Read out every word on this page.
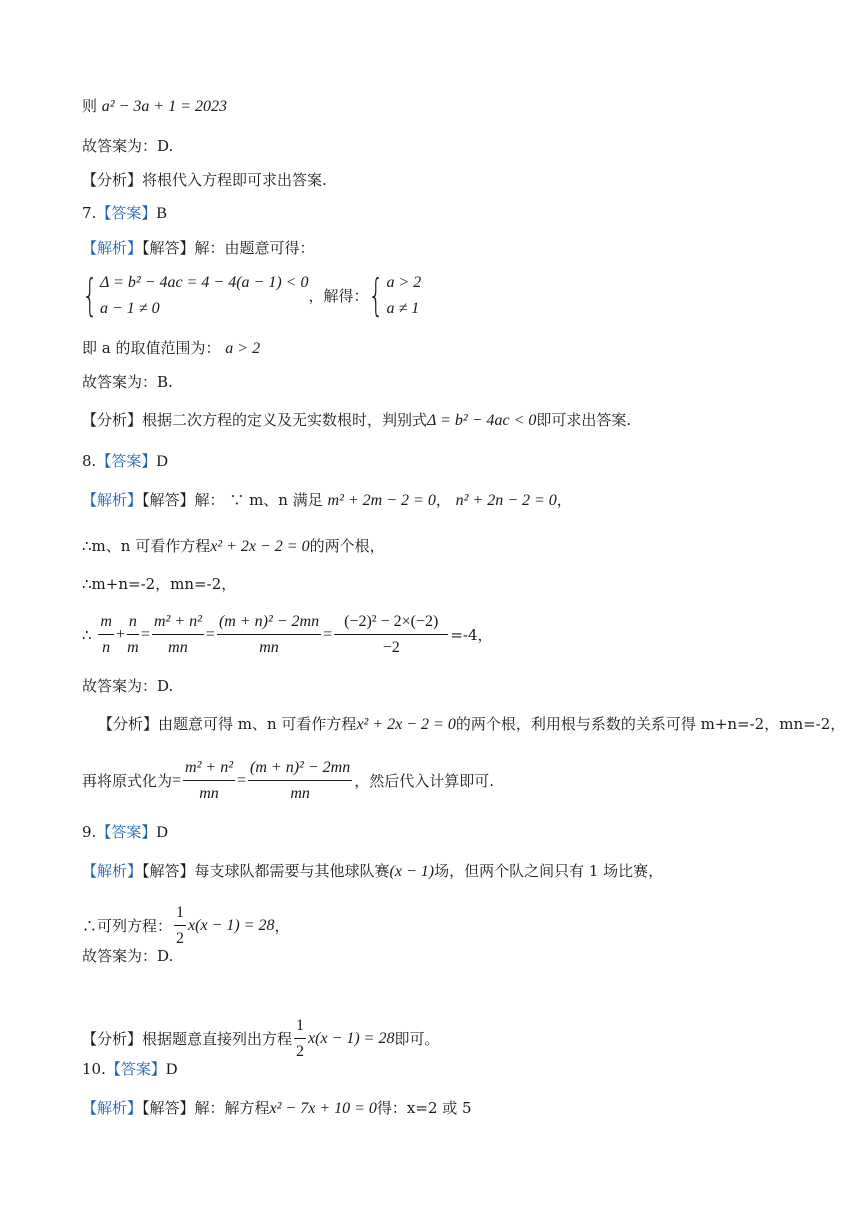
则 a² − 3a + 1 = 2023
故答案为：D.
【分析】将根代入方程即可求出答案.
7.【答案】B
【解析】【解答】解：由题意可得：
{ Δ = b² − 4ac = 4 − 4(a − 1) < 0
a − 1 ≠ 0
，解得：{ a > 2
a ≠ 1
即 a 的取值范围为： a > 2
故答案为：B.
【分析】根据二次方程的定义及无实数根时，判别式Δ = b² − 4ac < 0即可求出答案.
8.【答案】D
【解析】【解答】解： ∵ m、n 满足 m² + 2m − 2 = 0， n² + 2n − 2 = 0，
∴m、n 可看作方程x² + 2x − 2 = 0的两个根，
∴m+n=-2，mn=-2，
∴ $\frac{m}{n} + \frac{n}{m} = \frac{\text{m² + n²}}{mn} = \frac{\text{(m + n)² − 2mn}}{mn} = \frac{\text{(−2)² − 2×(−2)}}{-2} =-4$，
故答案为：D.
【分析】由题意可得 m、n 可看作方程x² + 2x − 2 = 0的两个根，利用根与系数的关系可得 m+n=-2，mn=-2，
再将原式化为= $\frac{\text{m² + n²}}{mn} = \frac{\text{(m + n)² − 2mn}}{mn}$ ，然后代入计算即可.
9.【答案】D
【解析】【解答】每支球队都需要与其他球队赛(x − 1)场，但两个队之间只有 1 场比赛，
∴可列方程： $\frac{1}{2} x(x - 1) = 28$，
故答案为：D.
【分析】根据题意直接列出方程 $\frac{1}{2} x(x - 1) = 28$即可。
10.【答案】D
【解析】【解答】解：解方程x² − 7x + 10 = 0得：x=2 或 5
